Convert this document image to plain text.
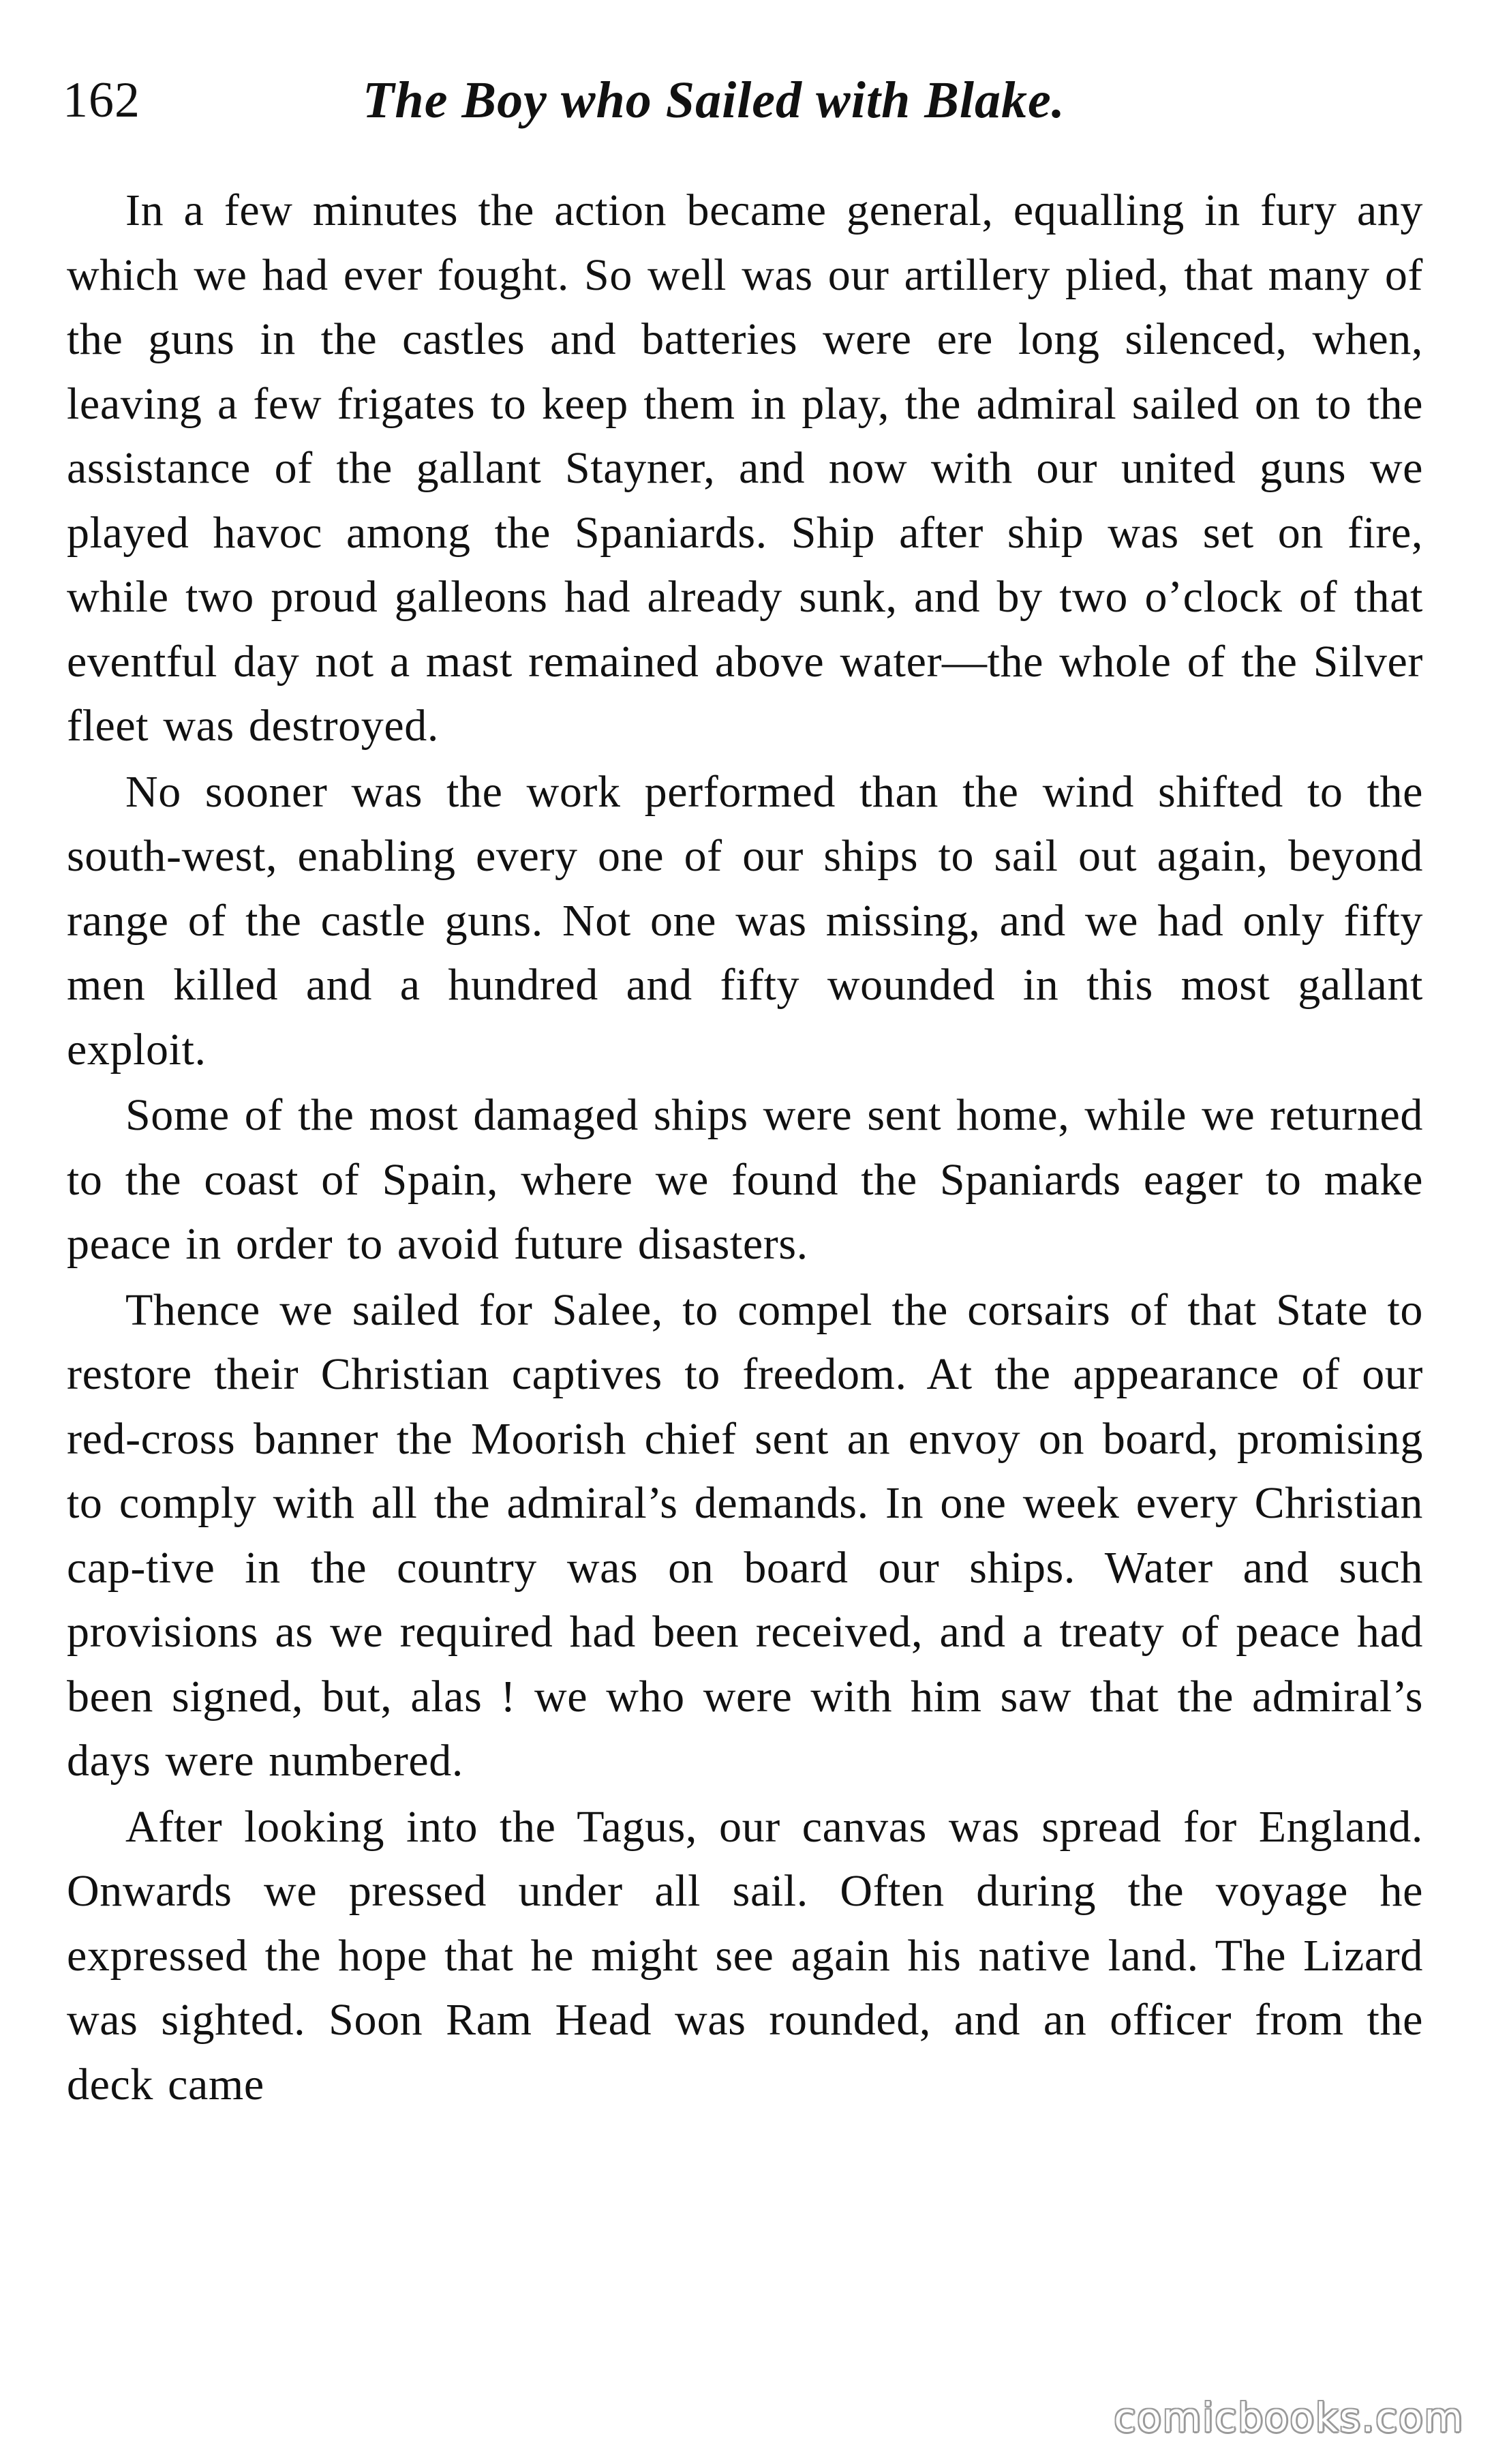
162	The Boy who Sailed with Blake.

In a few minutes the action became general, equalling in fury any which we had ever fought. So well was our artillery plied, that many of the guns in the castles and batteries were ere long silenced, when, leaving a few frigates to keep them in play, the admiral sailed on to the assistance of the gallant Stayner, and now with our united guns we played havoc among the Spaniards. Ship after ship was set on fire, while two proud galleons had already sunk, and by two o’clock of that eventful day not a mast remained above water—the whole of the Silver fleet was destroyed.

No sooner was the work performed than the wind shifted to the south-west, enabling every one of our ships to sail out again, beyond range of the castle guns. Not one was missing, and we had only fifty men killed and a hundred and fifty wounded in this most gallant exploit.

Some of the most damaged ships were sent home, while we returned to the coast of Spain, where we found the Spaniards eager to make peace in order to avoid future disasters.

Thence we sailed for Salee, to compel the corsairs of that State to restore their Christian captives to freedom. At the appearance of our red-cross banner the Moorish chief sent an envoy on board, promising to comply with all the admiral’s demands. In one week every Christian cap-tive in the country was on board our ships. Water and such provisions as we required had been received, and a treaty of peace had been signed, but, alas ! we who were with him saw that the admiral’s days were numbered.

After looking into the Tagus, our canvas was spread for England. Onwards we pressed under all sail. Often during the voyage he expressed the hope that he might see again his native land. The Lizard was sighted. Soon Ram Head was rounded, and an officer from the deck came

comicbooks.com
